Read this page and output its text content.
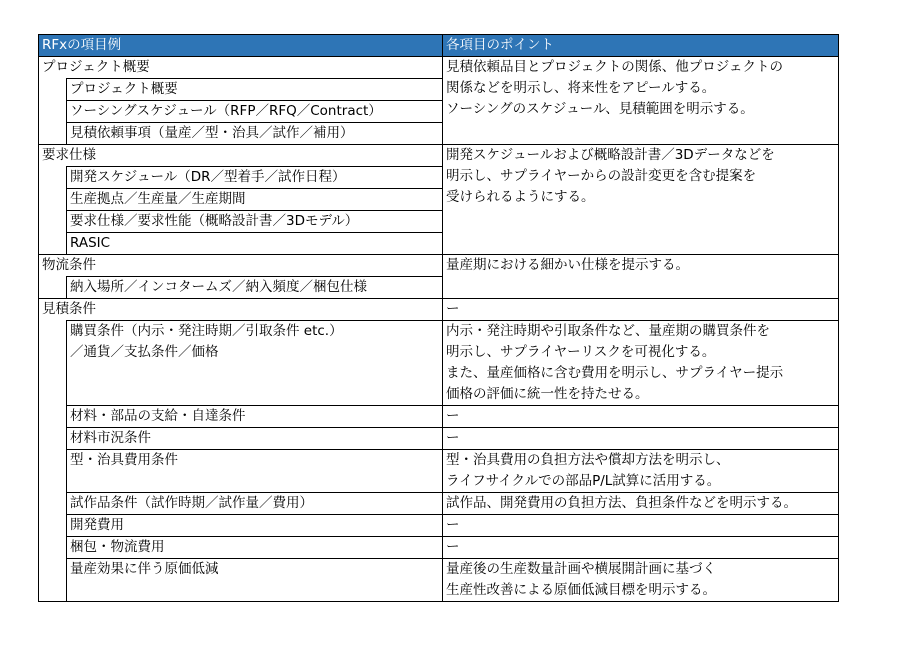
RFxの項目例		各項目のポイント
プロジェクト概要		見積依頼品目とプロジェクトの関係、他プロジェクトの
関係などを明示し、将来性をアピールする。
ソーシングのスケジュール、見積範囲を明示する。
	プロジェクト概要	
	ソーシングスケジュール（RFP／RFQ／Contract）	
	見積依頼事項（量産／型・治具／試作／補用）	
要求仕様		開発スケジュールおよび概略設計書／3Dデータなどを
明示し、サプライヤーからの設計変更を含む提案を
受けられるようにする。
	開発スケジュール（DR／型着手／試作日程）	
	生産拠点／生産量／生産期間	
	要求仕様／要求性能（概略設計書／3Dモデル）	
	RASIC	
物流条件		量産期における細かい仕様を提示する。
	納入場所／インコタームズ／納入頻度／梱包仕様	
見積条件		ー
	購買条件（内示・発注時期／引取条件 etc.）
／通貨／支払条件／価格	内示・発注時期や引取条件など、量産期の購買条件を
明示し、サプライヤーリスクを可視化する。
また、量産価格に含む費用を明示し、サプライヤー提示
価格の評価に統一性を持たせる。
	材料・部品の支給・自達条件	ー
	材料市況条件	ー
	型・治具費用条件	型・治具費用の負担方法や償却方法を明示し、
ライフサイクルでの部品P/L試算に活用する。
	試作品条件（試作時期／試作量／費用）	試作品、開発費用の負担方法、負担条件などを明示する。
	開発費用	ー
	梱包・物流費用	ー
	量産効果に伴う原価低減	量産後の生産数量計画や横展開計画に基づく
生産性改善による原価低減目標を明示する。
